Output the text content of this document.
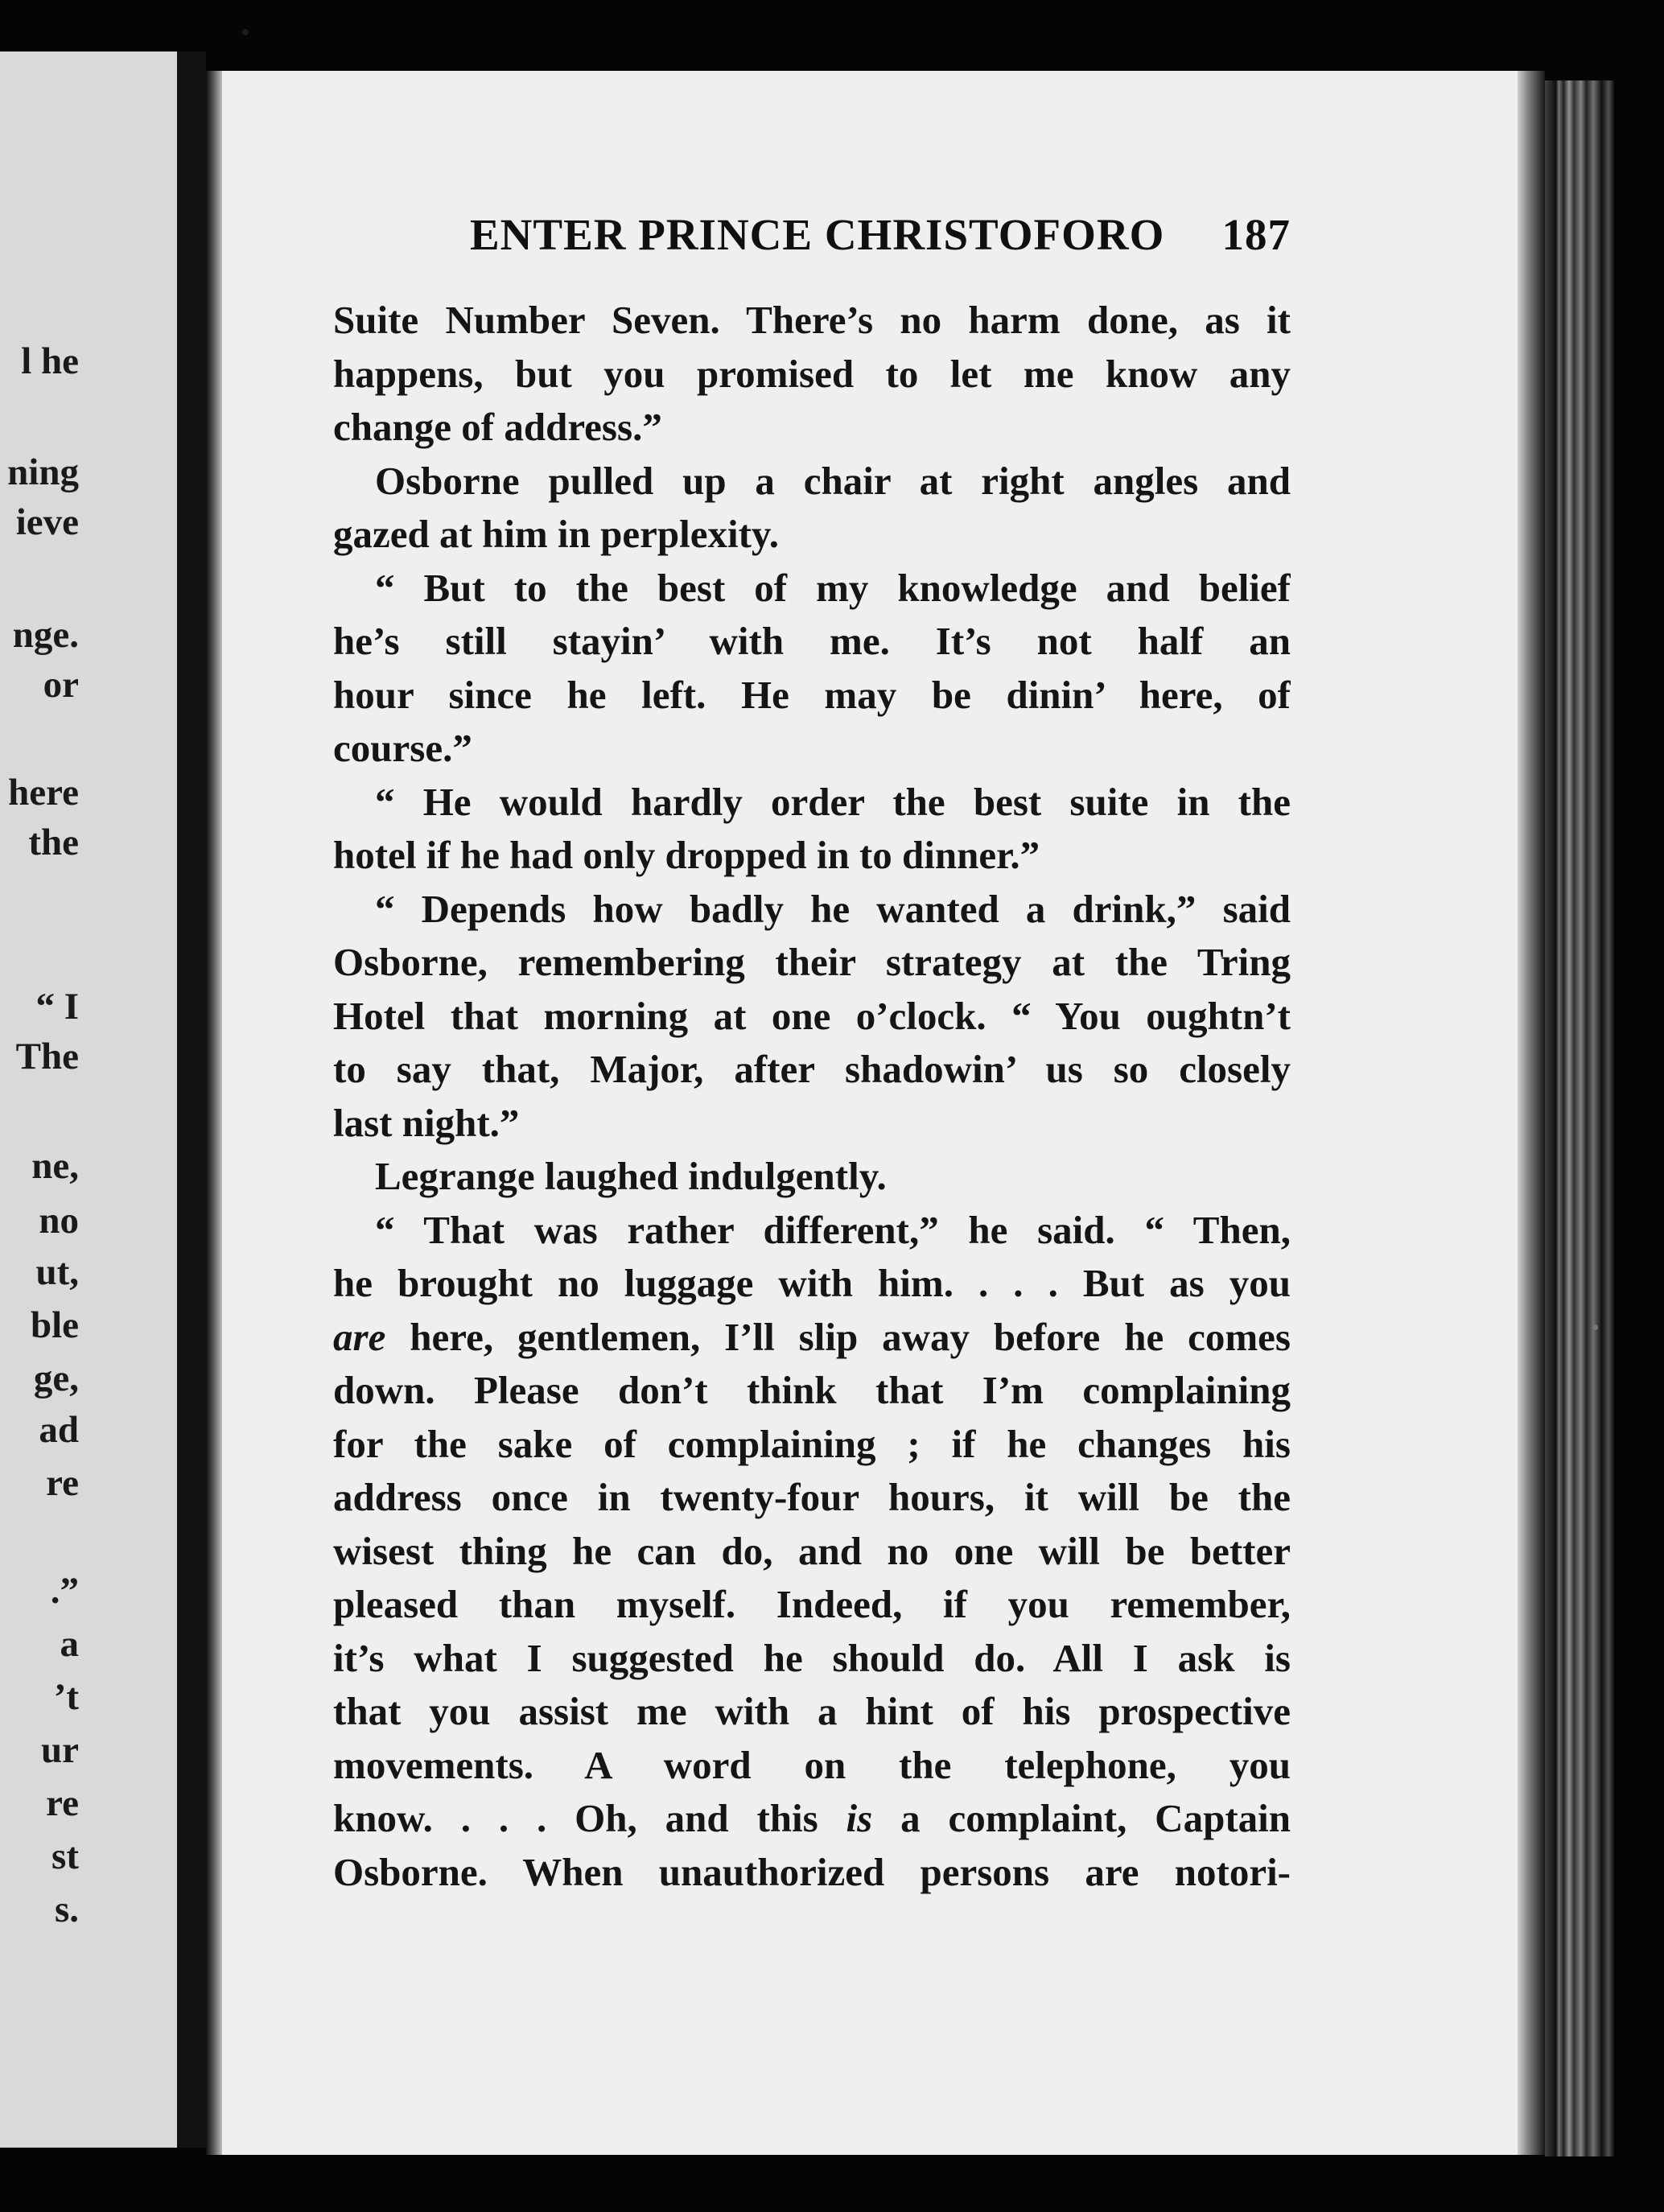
l he
ning
ieve
nge.
or
here
the
“ I
The
ne,
no
ut,
ble
ge,
ad
re
.”
a
’t
ur
re
st
s.
ENTER PRINCE CHRISTOFORO 187
Suite Number Seven. There’s no harm done, as it
happens, but you promised to let me know any
change of address.”
Osborne pulled up a chair at right angles and
gazed at him in perplexity.
“ But to the best of my knowledge and belief
he’s still stayin’ with me. It’s not half an
hour since he left. He may be dinin’ here, of
course.”
“ He would hardly order the best suite in the
hotel if he had only dropped in to dinner.”
“ Depends how badly he wanted a drink,” said
Osborne, remembering their strategy at the Tring
Hotel that morning at one o’clock. “ You oughtn’t
to say that, Major, after shadowin’ us so closely
last night.”
Legrange laughed indulgently.
“ That was rather different,” he said. “ Then,
he brought no luggage with him. . . . But as you
are here, gentlemen, I’ll slip away before he comes
down. Please don’t think that I’m complaining
for the sake of complaining ; if he changes his
address once in twenty-four hours, it will be the
wisest thing he can do, and no one will be better
pleased than myself. Indeed, if you remember,
it’s what I suggested he should do. All I ask is
that you assist me with a hint of his prospective
movements. A word on the telephone, you
know. . . . Oh, and this is a complaint, Captain
Osborne. When unauthorized persons are notori-
